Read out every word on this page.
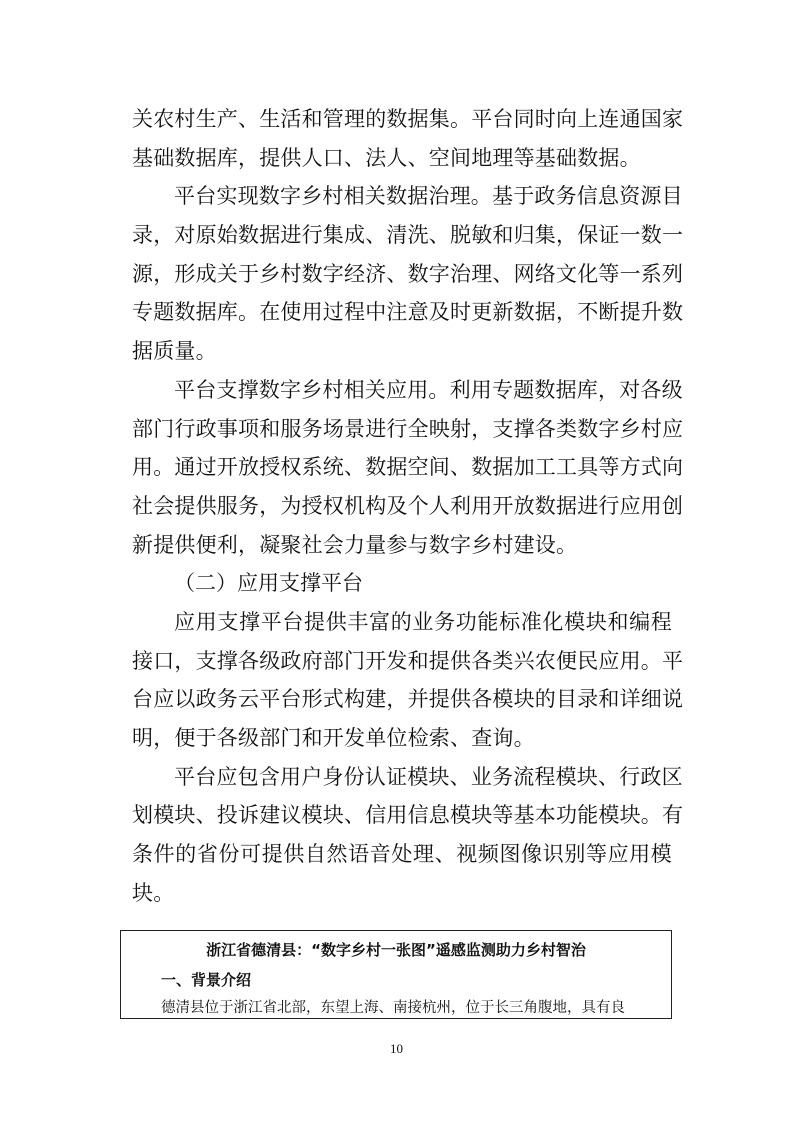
关农村生产、生活和管理的数据集。平台同时向上连通国家
基础数据库，提供人口、法人、空间地理等基础数据。
平台实现数字乡村相关数据治理。基于政务信息资源目
录，对原始数据进行集成、清洗、脱敏和归集，保证一数一
源，形成关于乡村数字经济、数字治理、网络文化等一系列
专题数据库。在使用过程中注意及时更新数据，不断提升数
据质量。
平台支撑数字乡村相关应用。利用专题数据库，对各级
部门行政事项和服务场景进行全映射，支撑各类数字乡村应
用。通过开放授权系统、数据空间、数据加工工具等方式向
社会提供服务，为授权机构及个人利用开放数据进行应用创
新提供便利，凝聚社会力量参与数字乡村建设。
（二）应用支撑平台
应用支撑平台提供丰富的业务功能标准化模块和编程
接口，支撑各级政府部门开发和提供各类兴农便民应用。平
台应以政务云平台形式构建，并提供各模块的目录和详细说
明，便于各级部门和开发单位检索、查询。
平台应包含用户身份认证模块、业务流程模块、行政区
划模块、投诉建议模块、信用信息模块等基本功能模块。有
条件的省份可提供自然语音处理、视频图像识别等应用模
块。
浙江省德清县：“数字乡村一张图”遥感监测助力乡村智治
一、背景介绍
德清县位于浙江省北部，东望上海、南接杭州，位于长三角腹地，具有良
10
